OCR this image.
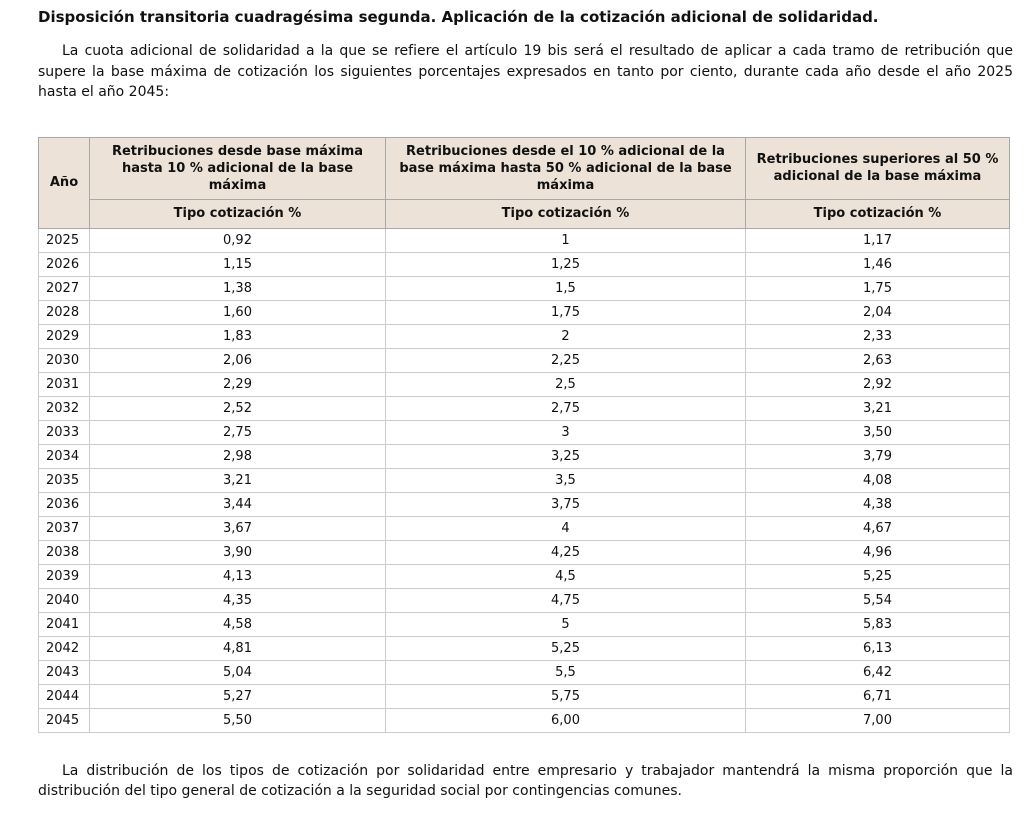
Disposición transitoria cuadragésima segunda. Aplicación de la cotización adicional de solidaridad.

La cuota adicional de solidaridad a la que se refiere el artículo 19 bis será el resultado de aplicar a cada tramo de retribución que supere la base máxima de cotización los siguientes porcentajes expresados en tanto por ciento, durante cada año desde el año 2025 hasta el año 2045:

Año	Retribuciones desde base máxima hasta 10 % adicional de la base máxima	Retribuciones desde el 10 % adicional de la base máxima hasta 50 % adicional de la base máxima	Retribuciones superiores al 50 % adicional de la base máxima
	Tipo cotización %	Tipo cotización %	Tipo cotización %
2025	0,92	1	1,17
2026	1,15	1,25	1,46
2027	1,38	1,5	1,75
2028	1,60	1,75	2,04
2029	1,83	2	2,33
2030	2,06	2,25	2,63
2031	2,29	2,5	2,92
2032	2,52	2,75	3,21
2033	2,75	3	3,50
2034	2,98	3,25	3,79
2035	3,21	3,5	4,08
2036	3,44	3,75	4,38
2037	3,67	4	4,67
2038	3,90	4,25	4,96
2039	4,13	4,5	5,25
2040	4,35	4,75	5,54
2041	4,58	5	5,83
2042	4,81	5,25	6,13
2043	5,04	5,5	6,42
2044	5,27	5,75	6,71
2045	5,50	6,00	7,00

La distribución de los tipos de cotización por solidaridad entre empresario y trabajador mantendrá la misma proporción que la distribución del tipo general de cotización a la seguridad social por contingencias comunes.
